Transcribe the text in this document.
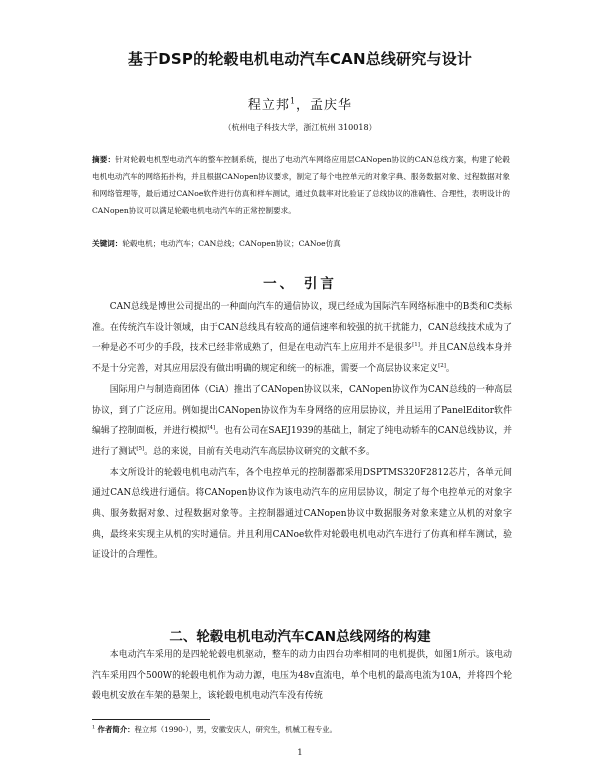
基于DSP的轮毂电机电动汽车CAN总线研究与设计
程立邦$^1$，孟庆华
（杭州电子科技大学，浙江杭州 310018）
摘要：针对轮毂电机型电动汽车的整车控制系统，提出了电动汽车网络应用层CANopen协议的CAN总线方案，构建了轮毂电机电动汽车的网络拓扑构，并且根据CANopen协议要求，制定了每个电控单元的对象字典、服务数据对象、过程数据对象和网络管理等，最后通过CANoe软件进行仿真和样车测试，通过负载率对比验证了总线协议的准确性、合理性，表明设计的CANopen协议可以满足轮毂电机电动汽车的正常控制要求。
关键词：轮毂电机；电动汽车；CAN总线；CANopen协议；CANoe仿真
一、 引言

CAN总线是博世公司提出的一种面向汽车的通信协议，现已经成为国际汽车网络标准中的B类和C类标准。在传统汽车设计领域，由于CAN总线具有较高的通信速率和较强的抗干扰能力，CAN总线技术成为了一种是必不可少的手段，技术已经非常成熟了，但是在电动汽车上应用并不是很多[1]。并且CAN总线本身并不是十分完善，对其应用层没有做出明确的规定和统一的标准，需要一个高层协议来定义[2]。

国际用户与制造商团体（CiA）推出了CANopen协议以来，CANopen协议作为CAN总线的一种高层协议，到了广泛应用。例如提出CANopen协议作为车身网络的应用层协议，并且运用了PanelEditor软件编辑了控制面板，并进行模拟[4]。也有公司在SAEJ1939的基础上，制定了纯电动轿车的CAN总线协议，并进行了测试[5]。总的来说，目前有关电动汽车高层协议研究的文献不多。

本文所设计的轮毂电机电动汽车，各个电控单元的控制器都采用DSPTMS320F2812芯片，各单元间通过CAN总线进行通信。将CANopen协议作为该电动汽车的应用层协议，制定了每个电控单元的对象字典、服务数据对象、过程数据对象等。主控制器通过CANopen协议中数据服务对象来建立从机的对象字典，最终来实现主从机的实时通信。并且利用CANoe软件对轮毂电机电动汽车进行了仿真和样车测试，验证设计的合理性。

二、轮毂电机电动汽车CAN总线网络的构建

本电动汽车采用的是四轮轮毂电机驱动，整车的动力由四台功率相同的电机提供，如图1所示。该电动汽车采用四个500W的轮毂电机作为动力源，电压为48v直流电，单个电机的最高电流为10A，并将四个轮毂电机安放在车架的悬架上，该轮毂电机电动汽车没有传统

$^1$ 作者简介：程立邦（1990-），男，安徽安庆人，研究生，机械工程专业。
1
